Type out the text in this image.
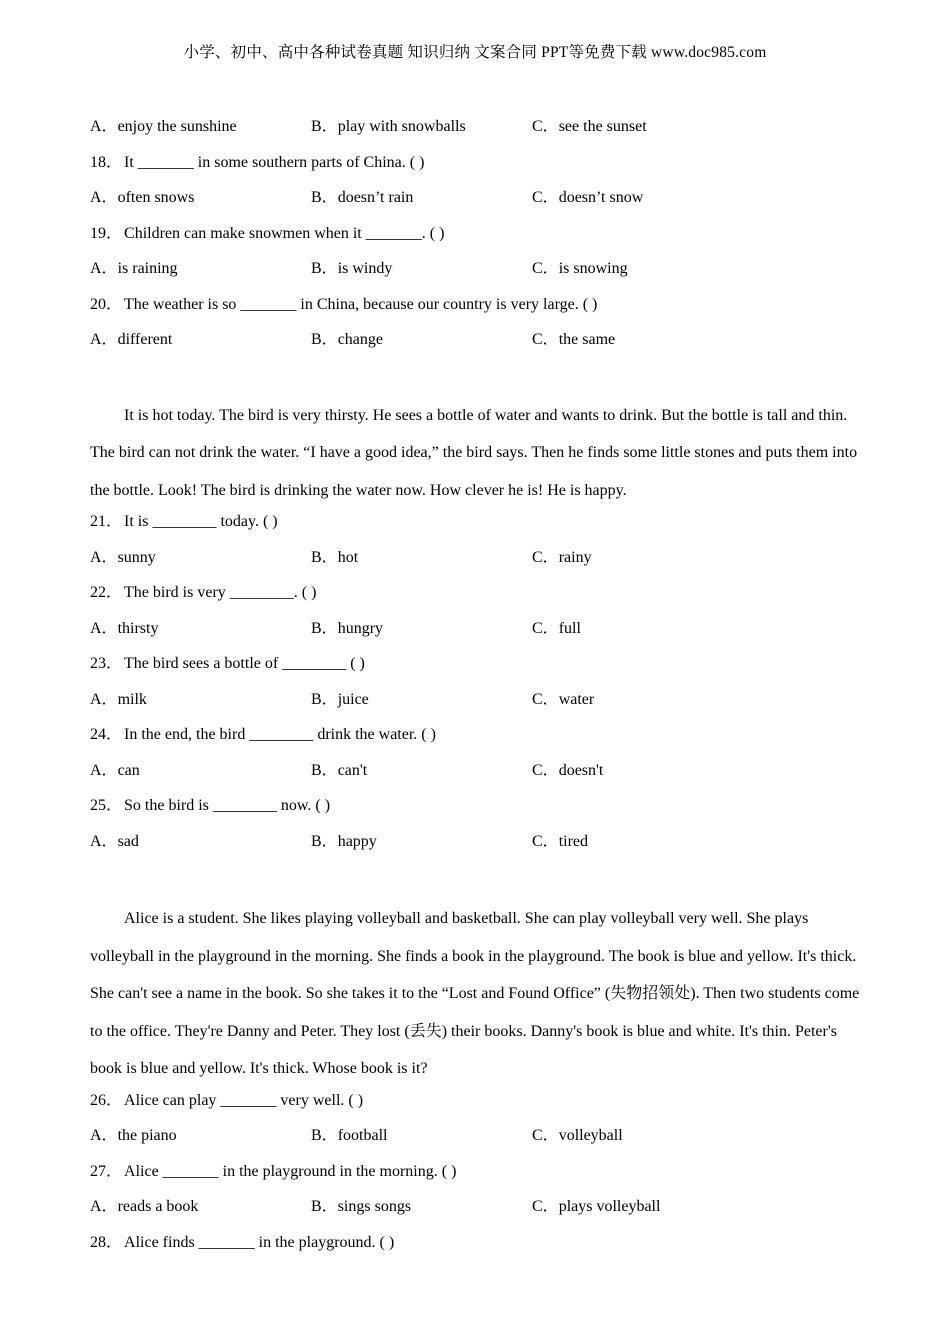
小学、初中、高中各种试卷真题 知识归纳 文案合同 PPT等免费下载 www.doc985.com
A．enjoy the sunshine	B．play with snowballs	C．see the sunset
18． It _______ in some southern parts of China. ( )
A．often snows	B．doesn’t rain	C．doesn’t snow
19． Children can make snowmen when it _______. ( )
A．is raining	B．is windy	C．is snowing
20． The weather is so _______ in China, because our country is very large. ( )
A．different	B．change	C．the same
It is hot today. The bird is very thirsty. He sees a bottle of water and wants to drink. But the bottle is tall and thin. The bird can not drink the water. “I have a good idea,” the bird says. Then he finds some little stones and puts them into the bottle. Look! The bird is drinking the water now. How clever he is! He is happy.
21． It is ________ today. ( )
A．sunny	B．hot	C．rainy
22． The bird is very ________. ( )
A．thirsty	B．hungry	C．full
23． The bird sees a bottle of ________ ( )
A．milk	B．juice	C．water
24． In the end, the bird ________ drink the water. ( )
A．can	B．can't	C．doesn't
25． So the bird is ________ now. ( )
A．sad	B．happy	C．tired
Alice is a student. She likes playing volleyball and basketball. She can play volleyball very well. She plays volleyball in the playground in the morning. She finds a book in the playground. The book is blue and yellow. It's thick. She can't see a name in the book. So she takes it to the “Lost and Found Office” (失物招领处). Then two students come to the office. They're Danny and Peter. They lost (丢失) their books. Danny's book is blue and white. It's thin. Peter's book is blue and yellow. It's thick. Whose book is it?
26． Alice can play _______ very well. ( )
A．the piano	B．football	C．volleyball
27． Alice _______ in the playground in the morning. ( )
A．reads a book	B．sings songs	C．plays volleyball
28． Alice finds _______ in the playground. ( )
